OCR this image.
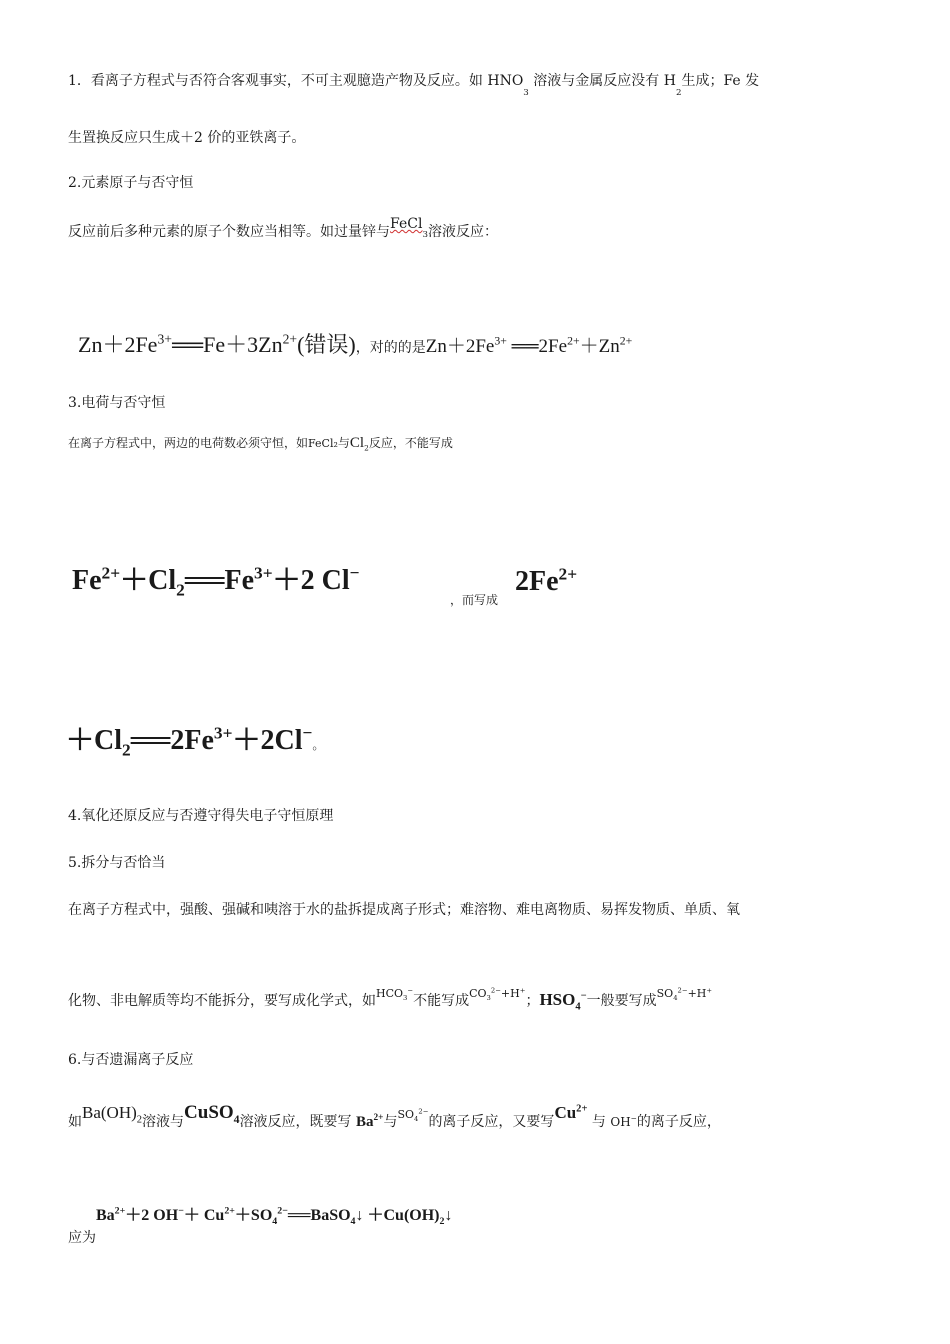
1．看离子方程式与否符合客观事实，不可主观臆造产物及反应。如 $HNO_3$ 溶液与金属反应没有 $H_2$生成；Fe 发
生置换反应只生成＋2 价的亚铁离子。
2.元素原子与否守恒
反应前后多种元素的原子个数应当相等。如过量锌与FeCl$_3$溶液反应：
$Zn+2Fe^{3+}══Fe+3Zn^{2+}$(错误)，对的的是$Zn+2Fe^{3+}$ $══2Fe^{2+}+Zn^{2+}$
3.电荷与否守恒
在离子方程式中，两边的电荷数必须守恒，如FeCl₂与$Cl_2$反应，不能写成
$Fe^{2+}+Cl_2══Fe^{3+}+2$ Cl−
，而写成
$2Fe^{2+}$
$+Cl_2══2Fe^{3+}+2Cl^-$。
4.氧化还原反应与否遵守得失电子守恒原理
5.拆分与否恰当
在离子方程式中，强酸、强碱和咦溶于水的盐拆提成离子形式；难溶物、难电离物质、易挥发物质、单质、氧
化物、非电解质等均不能拆分，要写成化学式，如$^{HCO_3^-}$不能写成$^{CO_3^{2-}+H^+}$；$HSO_4^-$一般要写成$^{SO_4^{2-}+H^+}$
6.与否遗漏离子反应
如$Ba(OH)_2$溶液与CuSO$_4$溶液反应，既要写 $Ba^{2+}$与$^{SO_4^{2-}}$的离子反应，又要写$Cu^{2+}$ 与 OH−的离子反应，
应为$Ba^{2+}+2$ $OH^-+ Cu^{2+}+SO_4^{2-}══BaSO_4↓$ $+Cu(OH)_2↓$
